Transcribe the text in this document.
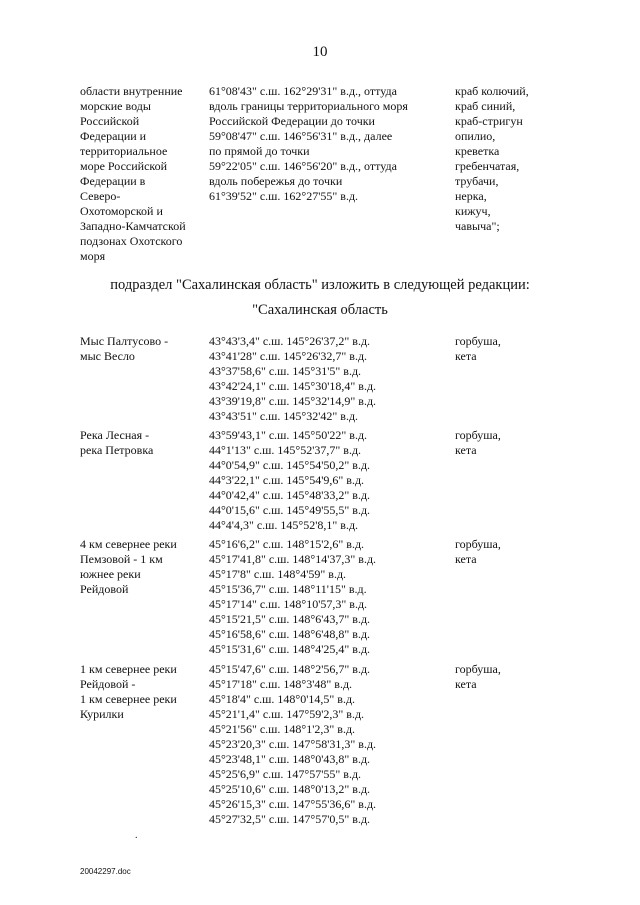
10
области внутренние
морские воды
Российской
Федерации и
территориальное
море Российской
Федерации в
Северо-
Охотоморской и
Западно-Камчатской
подзонах Охотского
моря
61°08'43" с.ш. 162°29'31" в.д., оттуда
вдоль границы территориального моря
Российской Федерации до точки
59°08'47" с.ш. 146°56'31" в.д., далее
по прямой до точки
59°22'05" с.ш. 146°56'20" в.д., оттуда
вдоль побережья до точки
61°39'52" с.ш. 162°27'55" в.д.
краб колючий,
краб синий,
краб-стригун
опилио,
креветка
гребенчатая,
трубачи,
нерка,
кижуч,
чавыча";
подраздел "Сахалинская область" изложить в следующей редакции:
"Сахалинская область
Мыс Палтусово -
мыс Весло
43°43'3,4" с.ш. 145°26'37,2" в.д.
43°41'28" с.ш. 145°26'32,7" в.д.
43°37'58,6" с.ш. 145°31'5" в.д.
43°42'24,1" с.ш. 145°30'18,4" в.д.
43°39'19,8" с.ш. 145°32'14,9" в.д.
43°43'51" с.ш. 145°32'42" в.д.
горбуша,
кета
Река Лесная -
река Петровка
43°59'43,1" с.ш. 145°50'22" в.д.
44°1'13" с.ш. 145°52'37,7" в.д.
44°0'54,9" с.ш. 145°54'50,2" в.д.
44°3'22,1" с.ш. 145°54'9,6" в.д.
44°0'42,4" с.ш. 145°48'33,2" в.д.
44°0'15,6" с.ш. 145°49'55,5" в.д.
44°4'4,3" с.ш. 145°52'8,1" в.д.
горбуша,
кета
4 км севернее реки
Пемзовой - 1 км
южнее реки
Рейдовой
45°16'6,2" с.ш. 148°15'2,6" в.д.
45°17'41,8" с.ш. 148°14'37,3" в.д.
45°17'8" с.ш. 148°4'59" в.д.
45°15'36,7" с.ш. 148°11'15" в.д.
45°17'14" с.ш. 148°10'57,3" в.д.
45°15'21,5" с.ш. 148°6'43,7" в.д.
45°16'58,6" с.ш. 148°6'48,8" в.д.
45°15'31,6" с.ш. 148°4'25,4" в.д.
горбуша,
кета
1 км севернее реки
Рейдовой -
1 км севернее реки
Курилки
45°15'47,6" с.ш. 148°2'56,7" в.д.
45°17'18" с.ш. 148°3'48" в.д.
45°18'4" с.ш. 148°0'14,5" в.д.
45°21'1,4" с.ш. 147°59'2,3" в.д.
45°21'56" с.ш. 148°1'2,3" в.д.
45°23'20,3" с.ш. 147°58'31,3" в.д.
45°23'48,1" с.ш. 148°0'43,8" в.д.
45°25'6,9" с.ш. 147°57'55" в.д.
45°25'10,6" с.ш. 148°0'13,2" в.д.
45°26'15,3" с.ш. 147°55'36,6" в.д.
45°27'32,5" с.ш. 147°57'0,5" в.д.
горбуша,
кета
.
20042297.doc
